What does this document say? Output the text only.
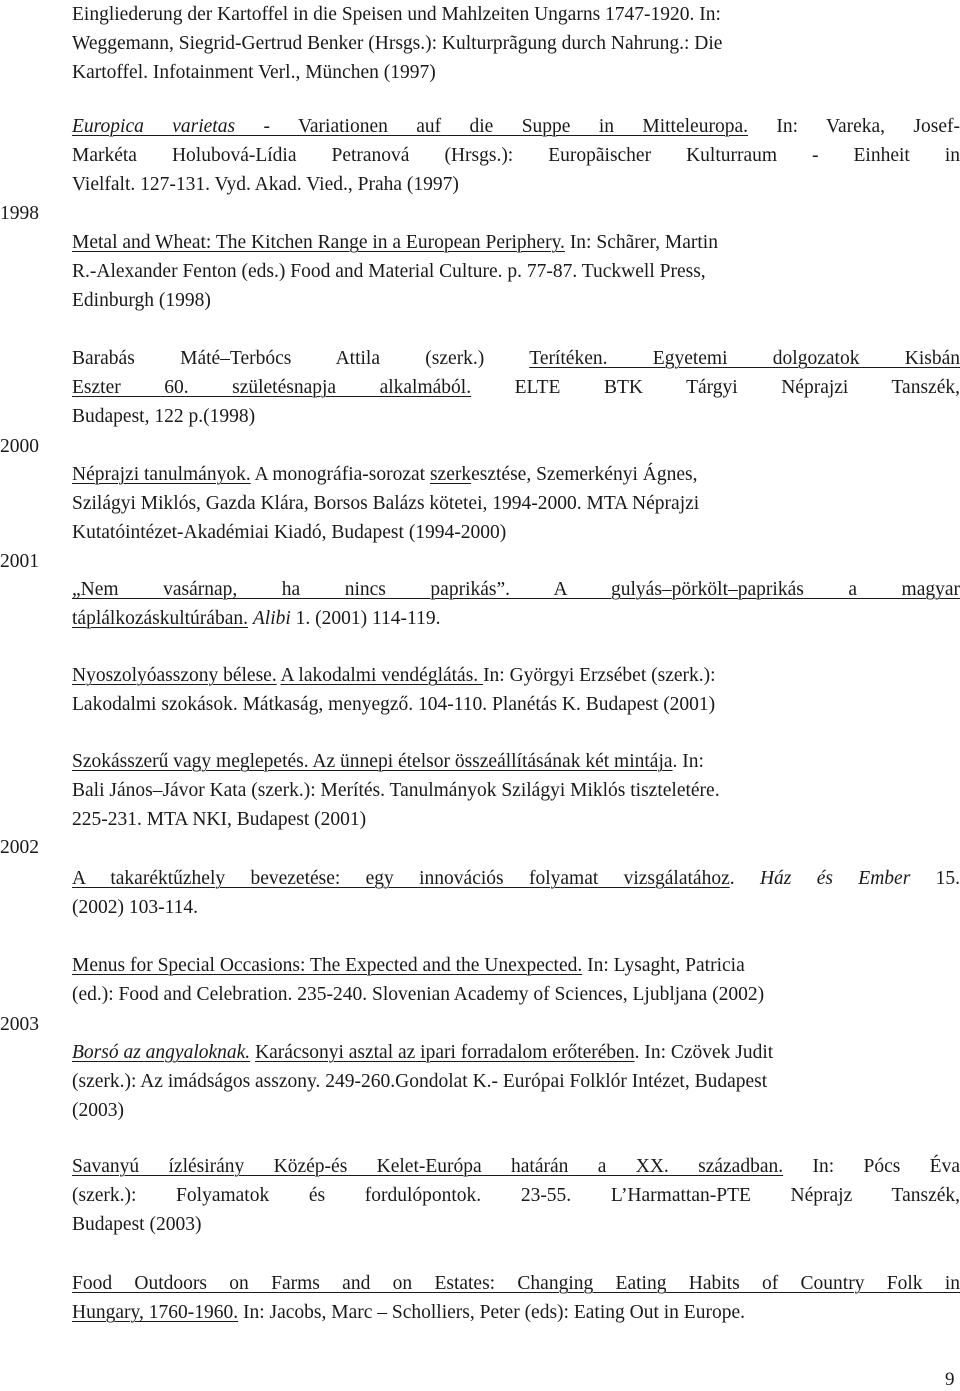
1998
2000
2001
2002
2003
Eingliederung der Kartoffel in die Speisen und Mahlzeiten Ungarns 1747-1920. In:
Weggemann, Siegrid-Gertrud Benker (Hrsgs.): Kulturprãgung durch Nahrung.: Die
Kartoffel. Infotainment Verl., München (1997)
Europica varietas - Variationen auf die Suppe in Mitteleuropa. In: Vareka, Josef-
Markéta Holubová-Lídia Petranová (Hrsgs.): Europãischer Kulturraum - Einheit in
Vielfalt. 127-131. Vyd. Akad. Vied., Praha (1997)
Metal and Wheat: The Kitchen Range in a European Periphery. In: Schãrer, Martin
R.-Alexander Fenton (eds.) Food and Material Culture. p. 77-87. Tuckwell Press,
Edinburgh (1998)
Barabás Máté–Terbócs Attila (szerk.) Terítéken. Egyetemi dolgozatok Kisbán
Eszter 60. születésnapja alkalmából. ELTE BTK Tárgyi Néprajzi Tanszék,
Budapest, 122 p.(1998)
Néprajzi tanulmányok. A monográfia-sorozat szerkesztése, Szemerkényi Ágnes,
Szilágyi Miklós, Gazda Klára, Borsos Balázs kötetei, 1994-2000. MTA Néprajzi
Kutatóintézet-Akadémiai Kiadó, Budapest (1994-2000)
„Nem vasárnap, ha nincs paprikás”. A gulyás–pörkölt–paprikás a magyar
táplálkozáskultúrában. Alibi 1. (2001) 114-119.
Nyoszolyóasszony bélese. A lakodalmi vendéglátás. In: Györgyi Erzsébet (szerk.):
Lakodalmi szokások. Mátkaság, menyegző. 104-110. Planétás K. Budapest (2001)
Szokásszerű vagy meglepetés. Az ünnepi ételsor összeállításának két mintája. In:
Bali János–Jávor Kata (szerk.): Merítés. Tanulmányok Szilágyi Miklós tiszteletére.
225-231. MTA NKI, Budapest (2001)
A takaréktűzhely bevezetése: egy innovációs folyamat vizsgálatához. Ház és Ember 15.
(2002) 103-114.
Menus for Special Occasions: The Expected and the Unexpected. In: Lysaght, Patricia
(ed.): Food and Celebration. 235-240. Slovenian Academy of Sciences, Ljubljana (2002)
Borsó az angyaloknak. Karácsonyi asztal az ipari forradalom erőterében. In: Czövek Judit
(szerk.): Az imádságos asszony. 249-260.Gondolat K.- Európai Folklór Intézet, Budapest
(2003)
Savanyú ízlésirány Közép-és Kelet-Európa határán a XX. században. In: Pócs Éva
(szerk.): Folyamatok és fordulópontok. 23-55. L’Harmattan-PTE Néprajz Tanszék,
Budapest (2003)
Food Outdoors on Farms and on Estates: Changing Eating Habits of Country Folk in
Hungary, 1760-1960. In: Jacobs, Marc – Scholliers, Peter (eds): Eating Out in Europe.
9
